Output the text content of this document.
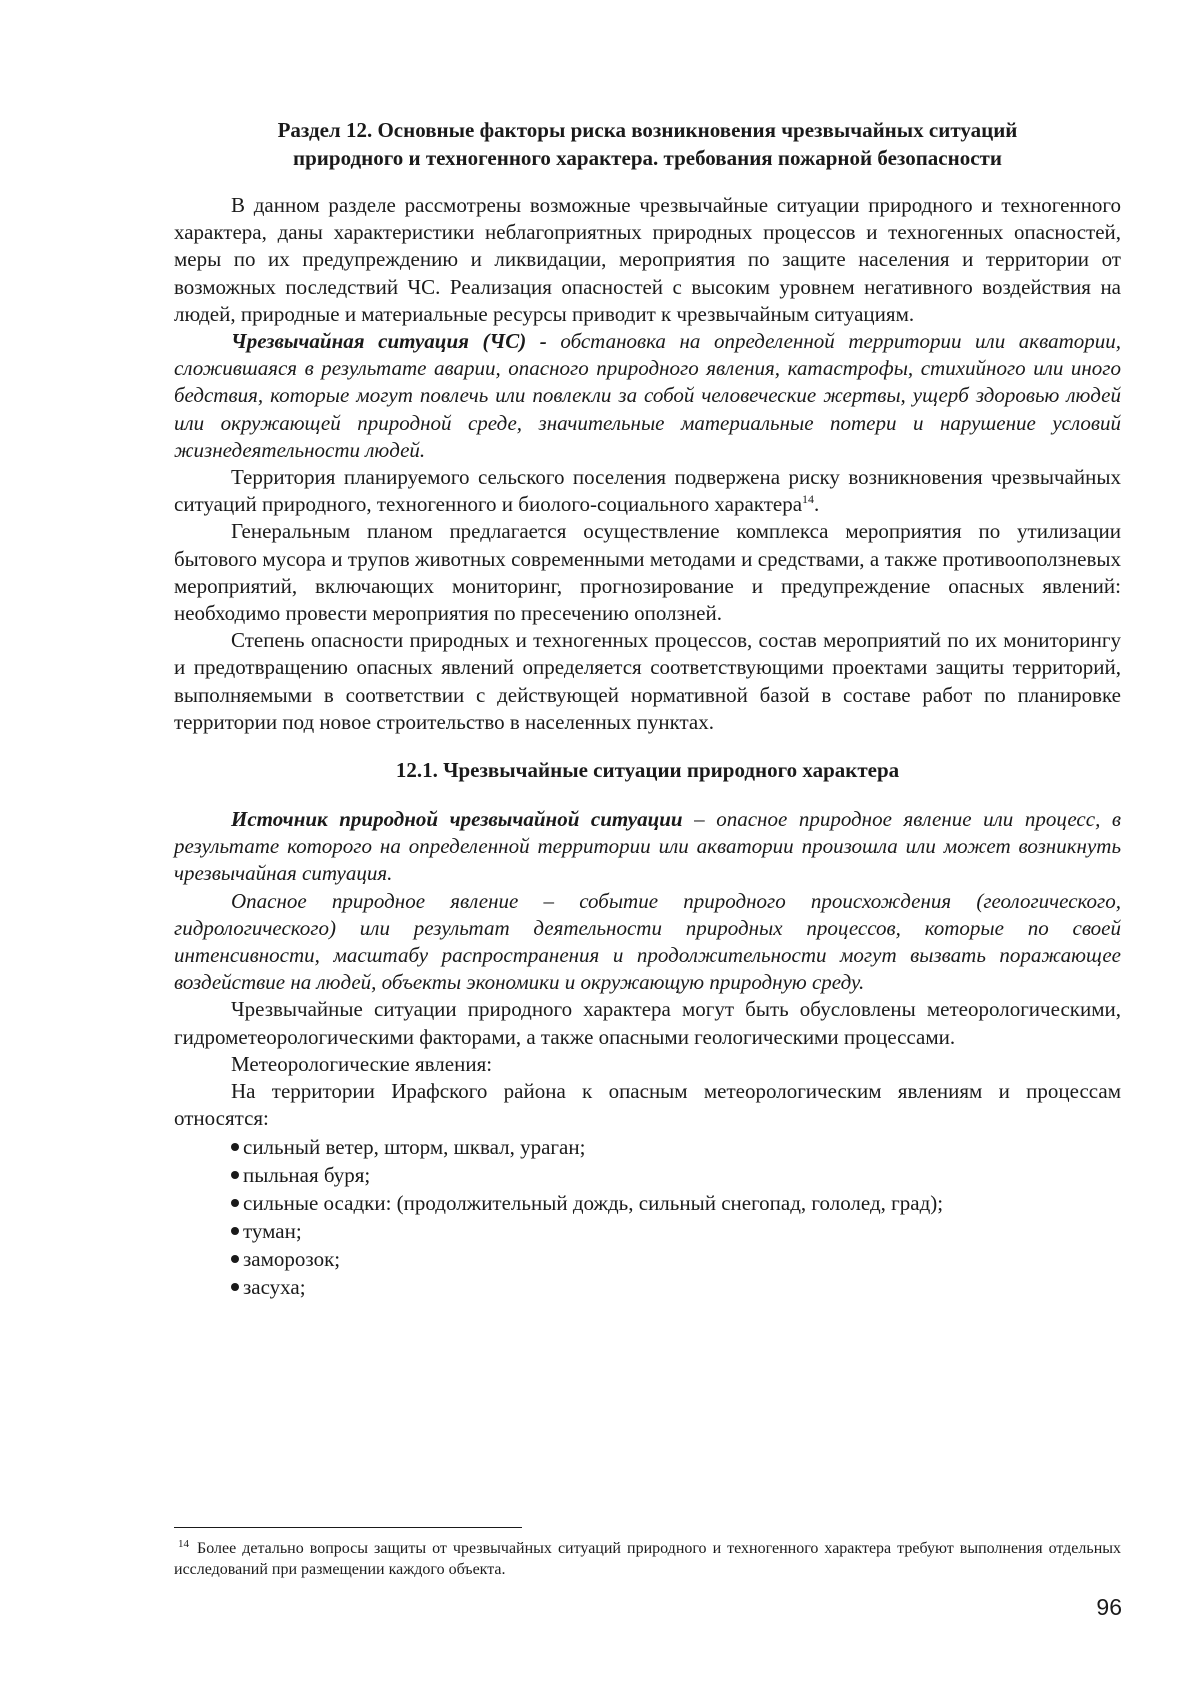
Раздел 12. Основные факторы риска возникновения чрезвычайных ситуаций
природного и техногенного характера. требования пожарной безопасности

В данном разделе рассмотрены возможные чрезвычайные ситуации природного и техногенного характера, даны характеристики неблагоприятных природных процессов и техногенных опасностей, меры по их предупреждению и ликвидации, мероприятия по защите населения и территории от возможных последствий ЧС. Реализация опасностей с высоким уровнем негативного воздействия на людей, природные и материальные ресурсы приводит к чрезвычайным ситуациям.

Чрезвычайная ситуация (ЧС) - обстановка на определенной территории или акватории, сложившаяся в результате аварии, опасного природного явления, катастрофы, стихийного или иного бедствия, которые могут повлечь или повлекли за собой человеческие жертвы, ущерб здоровью людей или окружающей природной среде, значительные материальные потери и нарушение условий жизнедеятельности людей.

Территория планируемого сельского поселения подвержена риску возникновения чрезвычайных ситуаций природного, техногенного и биолого-социального характера$^{14}$.

Генеральным планом предлагается осуществление комплекса мероприятия по утилизации бытового мусора и трупов животных современными методами и средствами, а также противооползневых мероприятий, включающих мониторинг, прогнозирование и предупреждение опасных явлений: необходимо провести мероприятия по пресечению оползней.

Степень опасности природных и техногенных процессов, состав мероприятий по их мониторингу и предотвращению опасных явлений определяется соответствующими проектами защиты территорий, выполняемыми в соответствии с действующей нормативной базой в составе работ по планировке территории под новое строительство в населенных пунктах.

12.1. Чрезвычайные ситуации природного характера

Источник природной чрезвычайной ситуации – опасное природное явление или процесс, в результате которого на определенной территории или акватории произошла или может возникнуть чрезвычайная ситуация.

Опасное природное явление – событие природного происхождения (геологического, гидрологического) или результат деятельности природных процессов, которые по своей интенсивности, масштабу распространения и продолжительности могут вызвать поражающее воздействие на людей, объекты экономики и окружающую природную среду.

Чрезвычайные ситуации природного характера могут быть обусловлены метеорологическими, гидрометеорологическими факторами, а также опасными геологическими процессами.

Метеорологические явления:

На территории Ирафского района к опасным метеорологическим явлениям и процессам относятся:

сильный ветер, шторм, шквал, ураган;
пыльная буря;
сильные осадки: (продолжительный дождь, сильный снегопад, гололед, град);
туман;
заморозок;
засуха;

$^{14}$ Более детально вопросы защиты от чрезвычайных ситуаций природного и техногенного характера требуют выполнения отдельных исследований при размещении каждого объекта.

96
